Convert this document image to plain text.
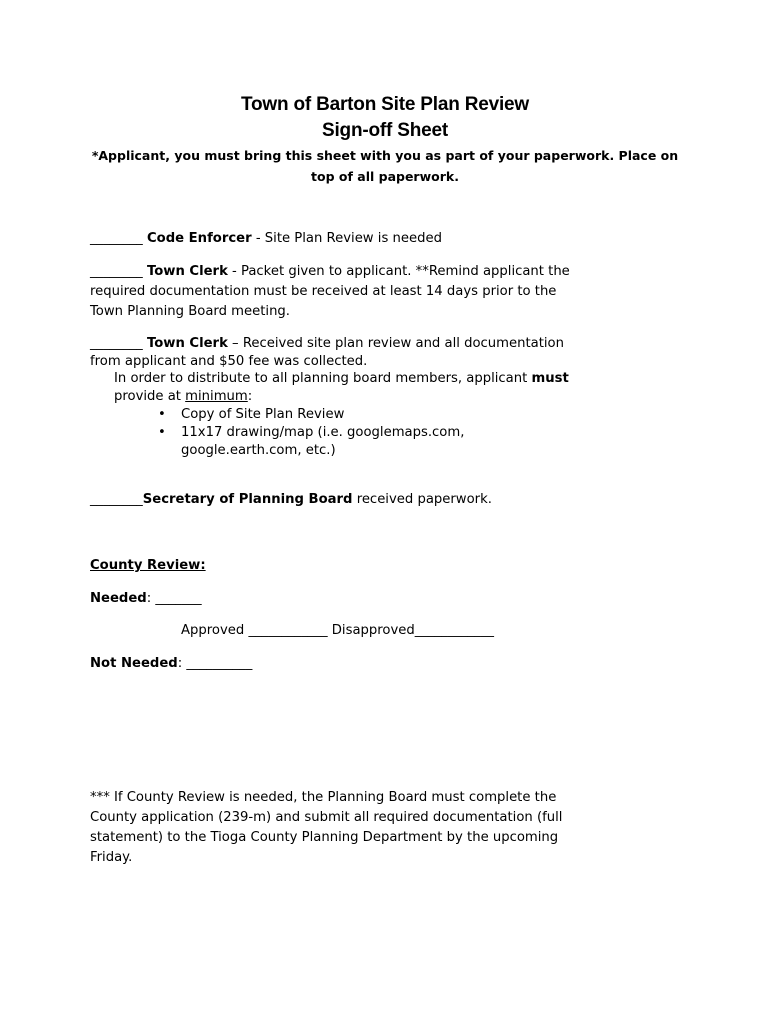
Town of Barton Site Plan Review
Sign-off Sheet
*Applicant, you must bring this sheet with you as part of your paperwork. Place on top of all paperwork.
________ Code Enforcer - Site Plan Review is needed
________ Town Clerk - Packet given to applicant. **Remind applicant the required documentation must be received at least 14 days prior to the Town Planning Board meeting.
________ Town Clerk – Received site plan review and all documentation from applicant and $50 fee was collected.
In order to distribute to all planning board members, applicant must provide at minimum:
• Copy of Site Plan Review
• 11x17 drawing/map (i.e. googlemaps.com, google.earth.com, etc.)
________Secretary of Planning Board received paperwork.
County Review:
Needed: _______
Approved ____________ Disapproved____________
Not Needed: __________
*** If County Review is needed, the Planning Board must complete the County application (239-m) and submit all required documentation (full statement) to the Tioga County Planning Department by the upcoming Friday.
